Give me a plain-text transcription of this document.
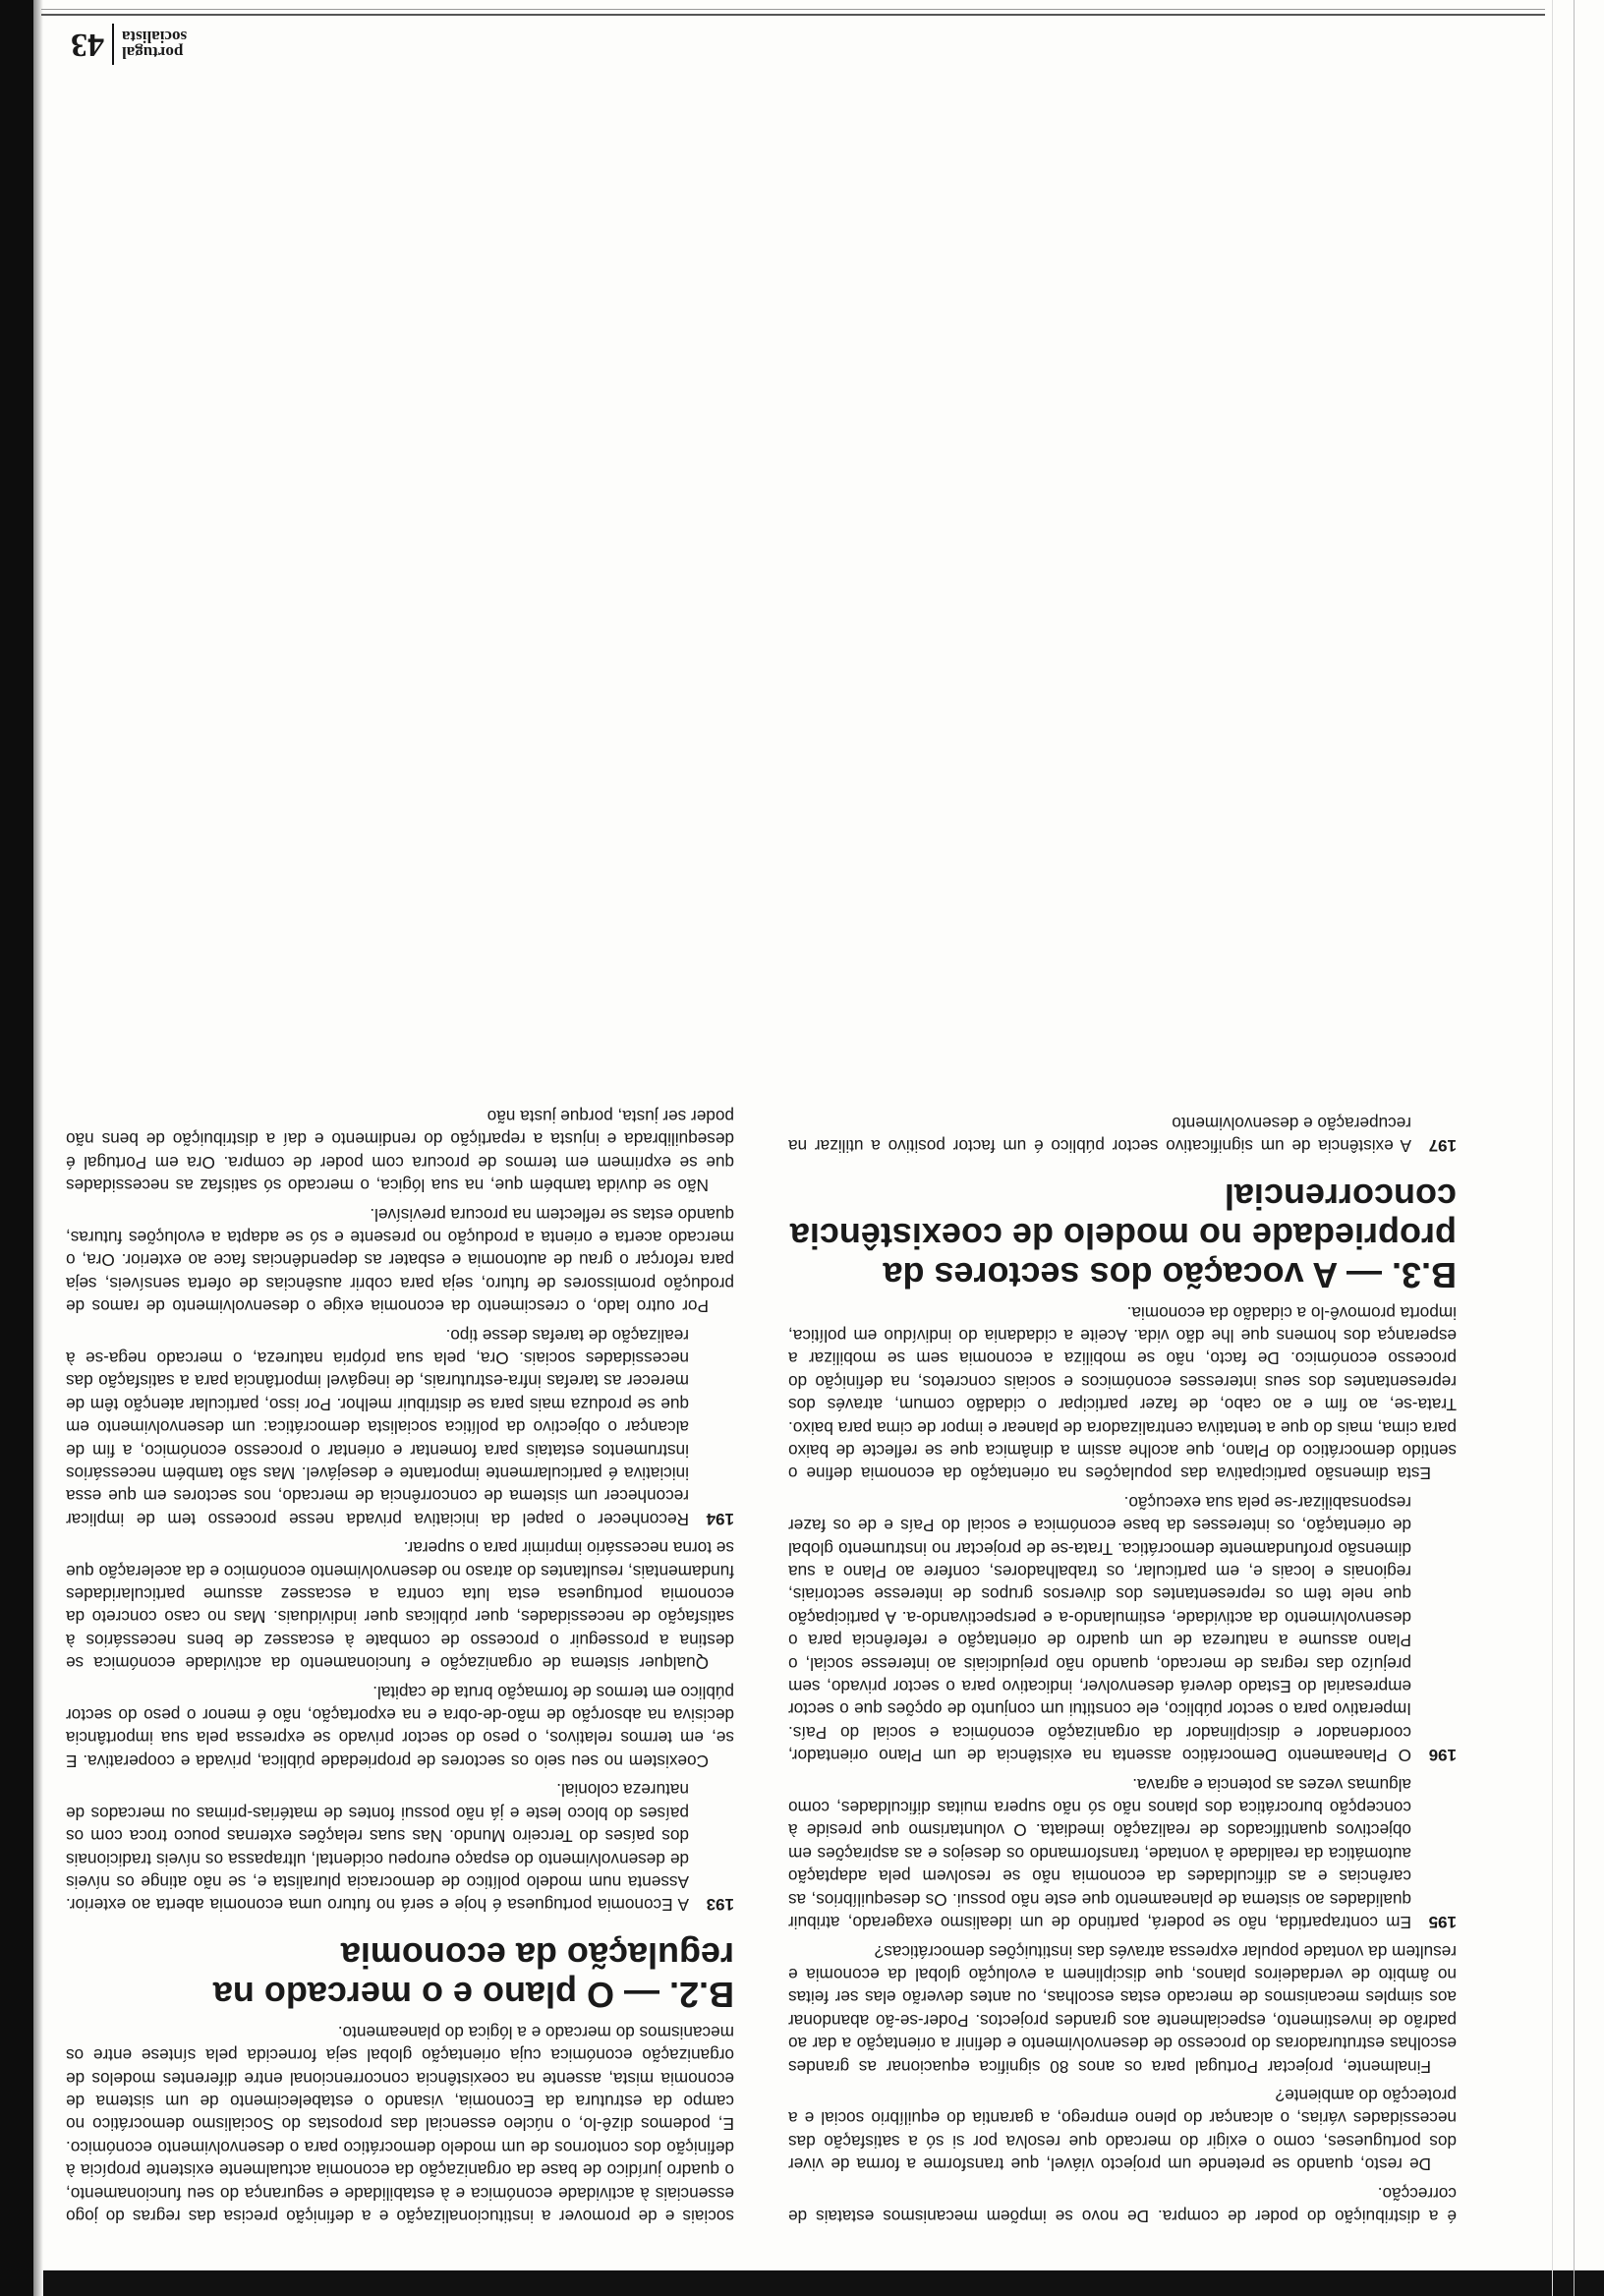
é a distribuição do poder de compra. De novo se impõem mecanismos estatais de correcção.

De resto, quando se pretende um projecto viável, que transforme a forma de viver dos portugueses, como o exigir do mercado que resolva por si só a satisfação das necessidades várias, o alcançar do pleno emprego, a garantia do equilíbrio social e a protecção do ambiente?

Finalmente, projectar Portugal para os anos 80 significa equacionar as grandes escolhas estruturadoras do processo de desenvolvimento e definir a orientação a dar ao padrão de investimento, especialmente aos grandes projectos. Poder-se-ão abandonar aos simples mecanismos de mercado estas escolhas, ou antes deverão elas ser feitas no âmbito de verdadeiros planos, que disciplinem a evolução global da economia e resultem da vontade popular expressa através das instituições democráticas?

195
Em contrapartida, não se poderá, partindo de um idealismo exagerado, atribuir qualidades ao sistema de planeamento que este não possui. Os desequilíbrios, as carências e as dificuldades da economia não se resolvem pela adaptação automática da realidade à vontade, transformando os desejos e as aspirações em objectivos quantificados de realização imediata. O voluntarismo que preside à concepção burocrática dos planos não só não supera muitas dificuldades, como algumas vezes as potencia e agrava.

196
O Planeamento Democrático assenta na existência de um Plano orientador, coordenador e disciplinador da organização económica e social do País. Imperativo para o sector público, ele constitui um conjunto de opções que o sector empresarial do Estado deverá desenvolver, indicativo para o sector privado, sem prejuízo das regras de mercado, quando não prejudiciais ao interesse social, o Plano assume a natureza de um quadro de orientação e referência para o desenvolvimento da actividade, estimulando-a e perspectivando-a. A participação que nele têm os representantes dos diversos grupos de interesse sectoriais, regionais e locais e, em particular, os trabalhadores, confere ao Plano a sua dimensão profundamente democrática. Trata-se de projectar no instrumento global de orientação, os interesses da base económica e social do País e de os fazer responsabilizar-se pela sua execução.

Esta dimensão participativa das populações na orientação da economia define o sentido democrático do Plano, que acolhe assim a dinâmica que se reflecte de baixo para cima, mais do que a tentativa centralizadora de planear e impor de cima para baixo. Trata-se, ao fim e ao cabo, de fazer participar o cidadão comum, através dos representantes dos seus interesses económicos e sociais concretos, na definição do processo económico. De facto, não se mobiliza a economia sem se mobilizar a esperança dos homens que lhe dão vida. Aceite a cidadania do indivíduo em política, importa promovê-lo a cidadão da economia.

B.3. — A vocação dos sectores da propriedade no modelo de coexistência concorrencial

197
A existência de um significativo sector público é um factor positivo a utilizar na recuperação e desenvolvimento

sociais e de promover a institucionalização e a definição precisa das regras do jogo essenciais à actividade económica e à estabilidade e segurança do seu funcionamento, o quadro jurídico de base da organização da economia actualmente existente propícia à definição dos contornos de um modelo democrático para o desenvolvimento económico. E, podemos dizê-lo, o núcleo essencial das propostas do Socialismo democrático no campo da estrutura da Economia, visando o estabelecimento de um sistema de economia mista, assente na coexistência concorrencional entre diferentes modelos de organização económica cuja orientação global seja fornecida pela síntese entre os mecanismos do mercado e a lógica do planeamento.

B.2. — O plano e o mercado na regulação da economia

193
A Economia portuguesa é hoje e será no futuro uma economia aberta ao exterior. Assenta num modelo político de democracia pluralista e, se não atinge os níveis de desenvolvimento do espaço europeu ocidental, ultrapassa os níveis tradicionais dos países do Terceiro Mundo. Nas suas relações externas pouco troca com os países do bloco leste e já não possui fontes de matérias-primas ou mercados de natureza colonial.

Coexistem no seu seio os sectores de propriedade pública, privada e cooperativa. E se, em termos relativos, o peso do sector privado se expressa pela sua importância decisiva na absorção de mão-de-obra e na exportação, não é menor o peso do sector público em termos de formação bruta de capital.

Qualquer sistema de organização e funcionamento da actividade económica se destina a prosseguir o processo de combate à escassez de bens necessários à satisfação de necessidades, quer públicas quer individuais. Mas no caso concreto da economia portuguesa esta luta contra a escassez assume particularidades fundamentais, resultantes do atraso no desenvolvimento económico e da aceleração que se torna necessário imprimir para o superar.

194
Reconhecer o papel da iniciativa privada nesse processo tem de implicar reconhecer um sistema de concorrência de mercado, nos sectores em que essa iniciativa é particularmente importante e desejável. Mas são também necessários instrumentos estatais para fomentar e orientar o processo económico, a fim de alcançar o objectivo da política socialista democrática: um desenvolvimento em que se produza mais para se distribuir melhor. Por isso, particular atenção têm de merecer as tarefas infra-estruturais, de inegável importância para a satisfação das necessidades sociais. Ora, pela sua própria natureza, o mercado nega-se à realização de tarefas desse tipo.

Por outro lado, o crescimento da economia exige o desenvolvimento de ramos de produção promissores de futuro, seja para cobrir ausências de oferta sensíveis, seja para reforçar o grau de autonomia e esbater as dependências face ao exterior. Ora, o mercado acerta e orienta a produção no presente e só se adapta a evoluções futuras, quando estas se reflectem na procura previsível.

Não se duvida também que, na sua lógica, o mercado só satisfaz as necessidades que se exprimem em termos de procura com poder de compra. Ora em Portugal é desequilibrada e injusta a repartição do rendimento e daí a distribuição de bens não poder ser justa, porque justa não

portugal
socialista
43
